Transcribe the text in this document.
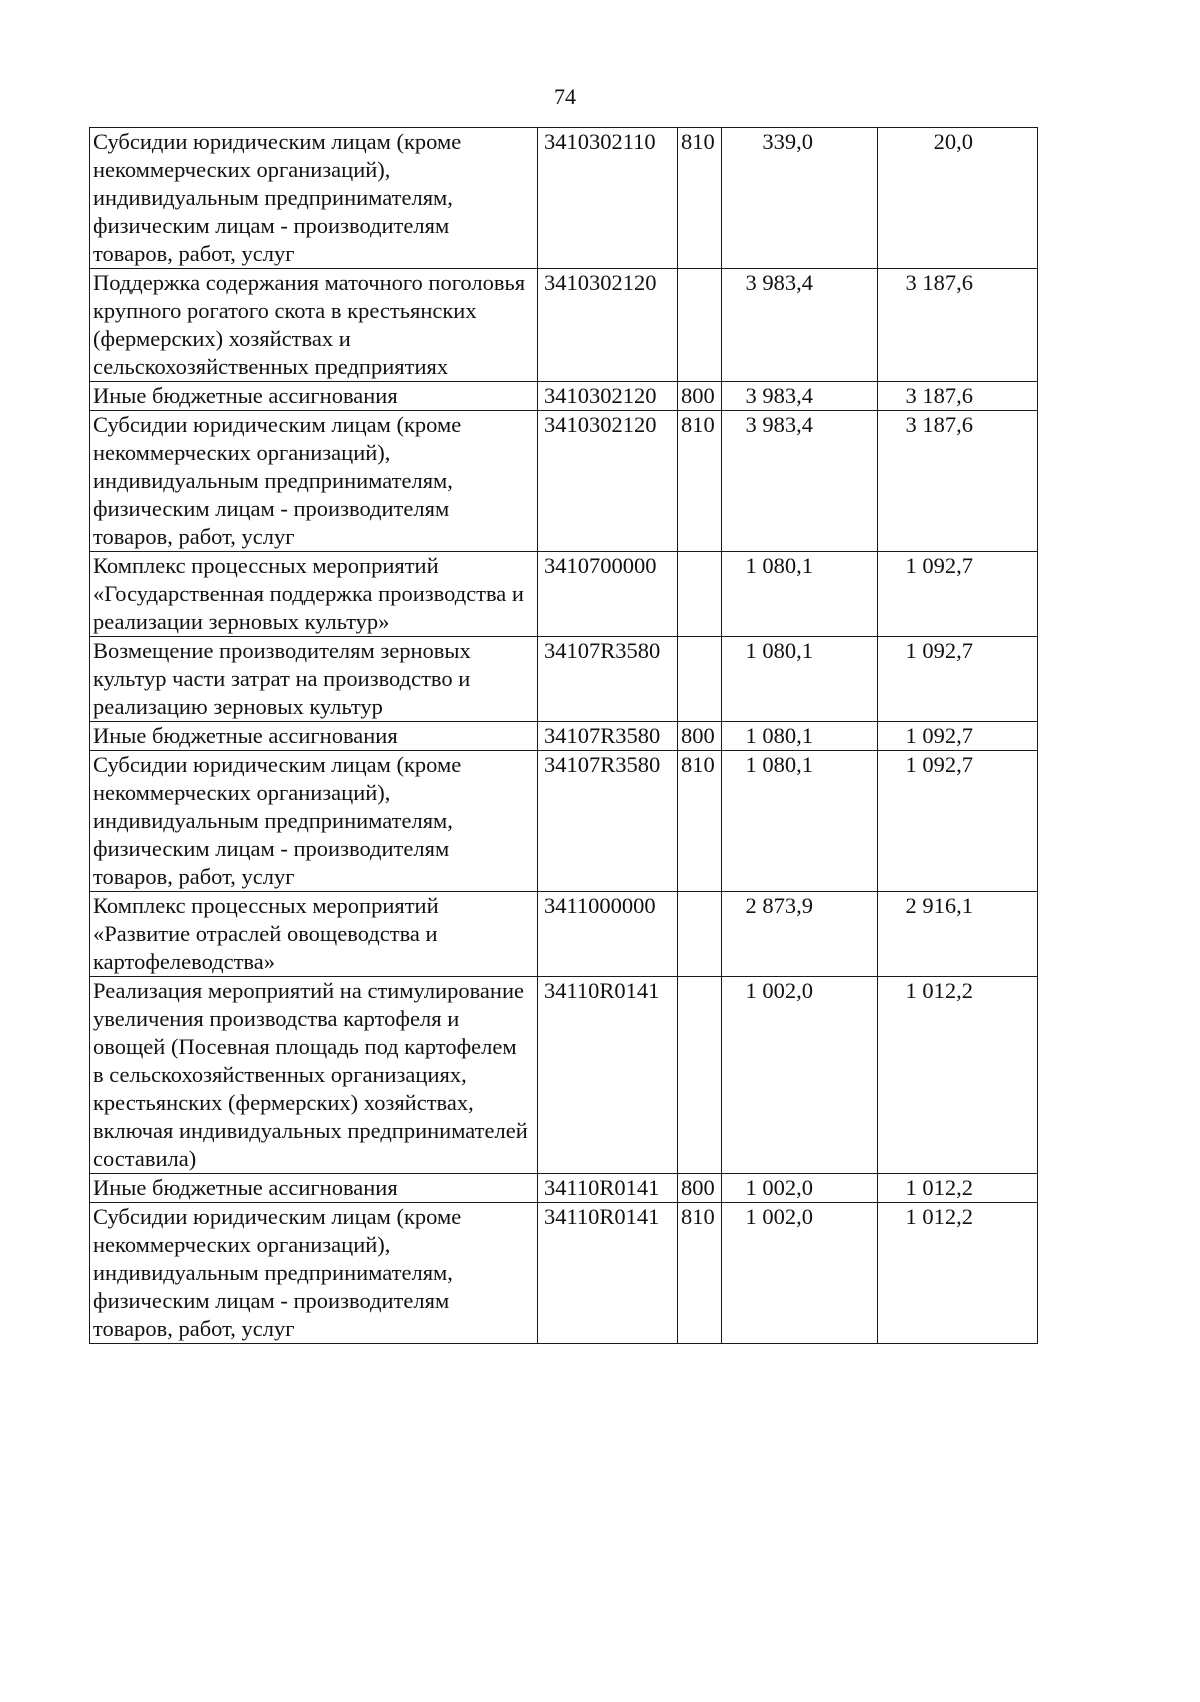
74
Субсидии юридическим лицам (кроме некоммерческих организаций), индивидуальным предпринимателям, физическим лицам - производителям товаров, работ, услуг	3410302110	810	339,0	20,0
Поддержка содержания маточного поголовья крупного рогатого скота в крестьянских (фермерских) хозяйствах и сельскохозяйственных предприятиях	3410302120		3 983,4	3 187,6
Иные бюджетные ассигнования	3410302120	800	3 983,4	3 187,6
Субсидии юридическим лицам (кроме некоммерческих организаций), индивидуальным предпринимателям, физическим лицам - производителям товаров, работ, услуг	3410302120	810	3 983,4	3 187,6
Комплекс процессных мероприятий «Государственная поддержка производства и реализации зерновых культур»	3410700000		1 080,1	1 092,7
Возмещение производителям зерновых культур части затрат на производство и реализацию зерновых культур	34107R3580		1 080,1	1 092,7
Иные бюджетные ассигнования	34107R3580	800	1 080,1	1 092,7
Субсидии юридическим лицам (кроме некоммерческих организаций), индивидуальным предпринимателям, физическим лицам - производителям товаров, работ, услуг	34107R3580	810	1 080,1	1 092,7
Комплекс процессных мероприятий «Развитие отраслей овощеводства и картофелеводства»	3411000000		2 873,9	2 916,1
Реализация мероприятий на стимулирование увеличения производства картофеля и овощей (Посевная площадь под картофелем в сельскохозяйственных организациях, крестьянских (фермерских) хозяйствах, включая индивидуальных предпринимателей составила)	34110R0141		1 002,0	1 012,2
Иные бюджетные ассигнования	34110R0141	800	1 002,0	1 012,2
Субсидии юридическим лицам (кроме некоммерческих организаций), индивидуальным предпринимателям, физическим лицам - производителям товаров, работ, услуг	34110R0141	810	1 002,0	1 012,2
